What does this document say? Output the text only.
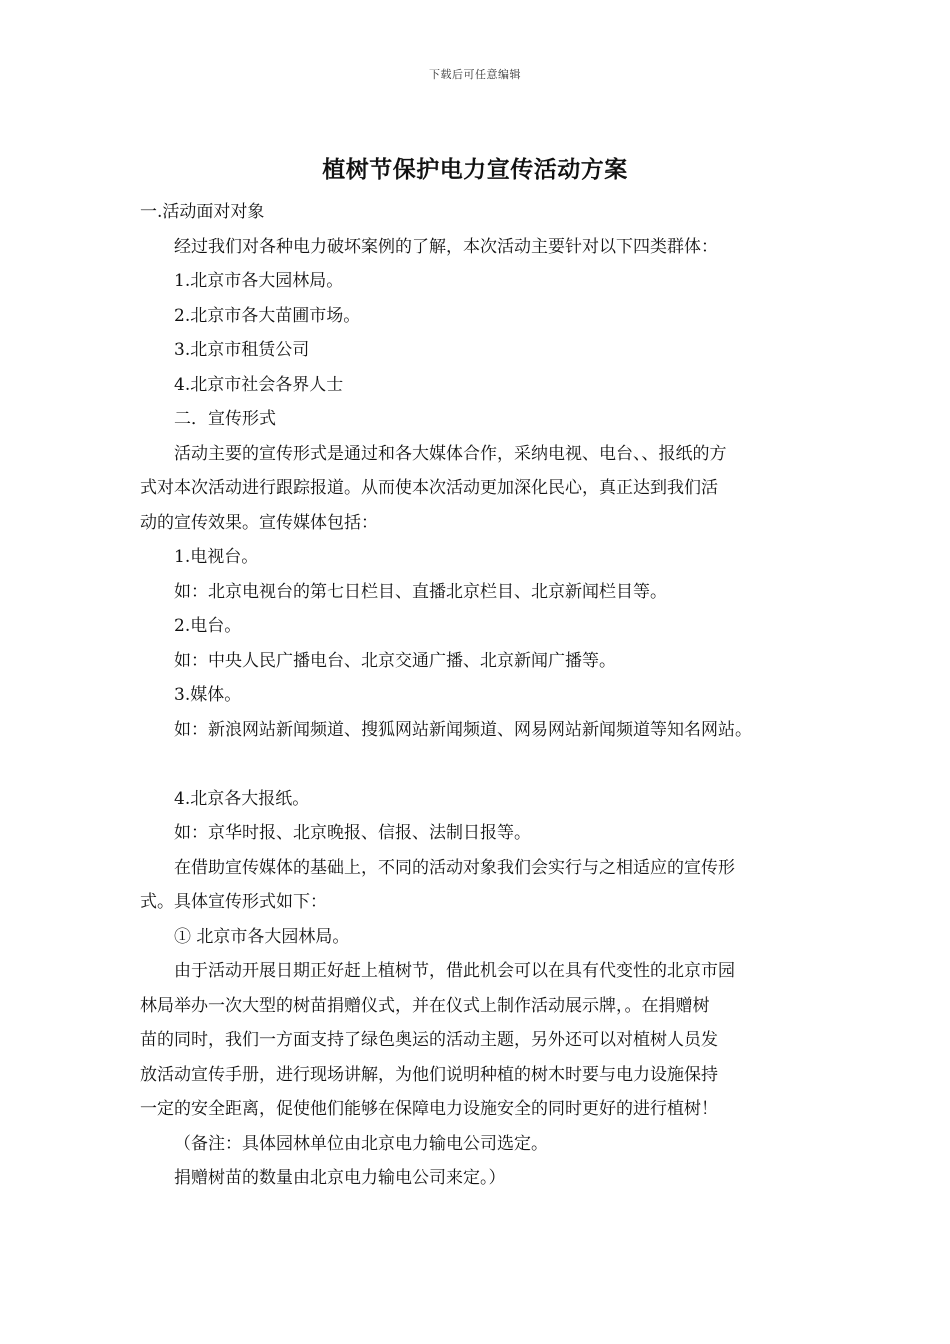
下载后可任意编辑
植树节保护电力宣传活动方案
一.活动面对对象
经过我们对各种电力破坏案例的了解，本次活动主要针对以下四类群体：
1.北京市各大园林局。
2.北京市各大苗圃市场。
3.北京市租赁公司
4.北京市社会各界人士
二．宣传形式
活动主要的宣传形式是通过和各大媒体合作，采纳电视、电台、、报纸的方
式对本次活动进行跟踪报道。从而使本次活动更加深化民心，真正达到我们活
动的宣传效果。宣传媒体包括：
1.电视台。
如：北京电视台的第七日栏目、直播北京栏目、北京新闻栏目等。
2.电台。
如：中央人民广播电台、北京交通广播、北京新闻广播等。
3.媒体。
如：新浪网站新闻频道、搜狐网站新闻频道、网易网站新闻频道等知名网站。
4.北京各大报纸。
如：京华时报、北京晚报、信报、法制日报等。
在借助宣传媒体的基础上，不同的活动对象我们会实行与之相适应的宣传形
式。具体宣传形式如下：
① 北京市各大园林局。
由于活动开展日期正好赶上植树节，借此机会可以在具有代变性的北京市园
林局举办一次大型的树苗捐赠仪式，并在仪式上制作活动展示牌，。在捐赠树
苗的同时，我们一方面支持了绿色奥运的活动主题，另外还可以对植树人员发
放活动宣传手册，进行现场讲解，为他们说明种植的树木时要与电力设施保持
一定的安全距离，促使他们能够在保障电力设施安全的同时更好的进行植树！
（备注：具体园林单位由北京电力输电公司选定。
捐赠树苗的数量由北京电力输电公司来定。）
